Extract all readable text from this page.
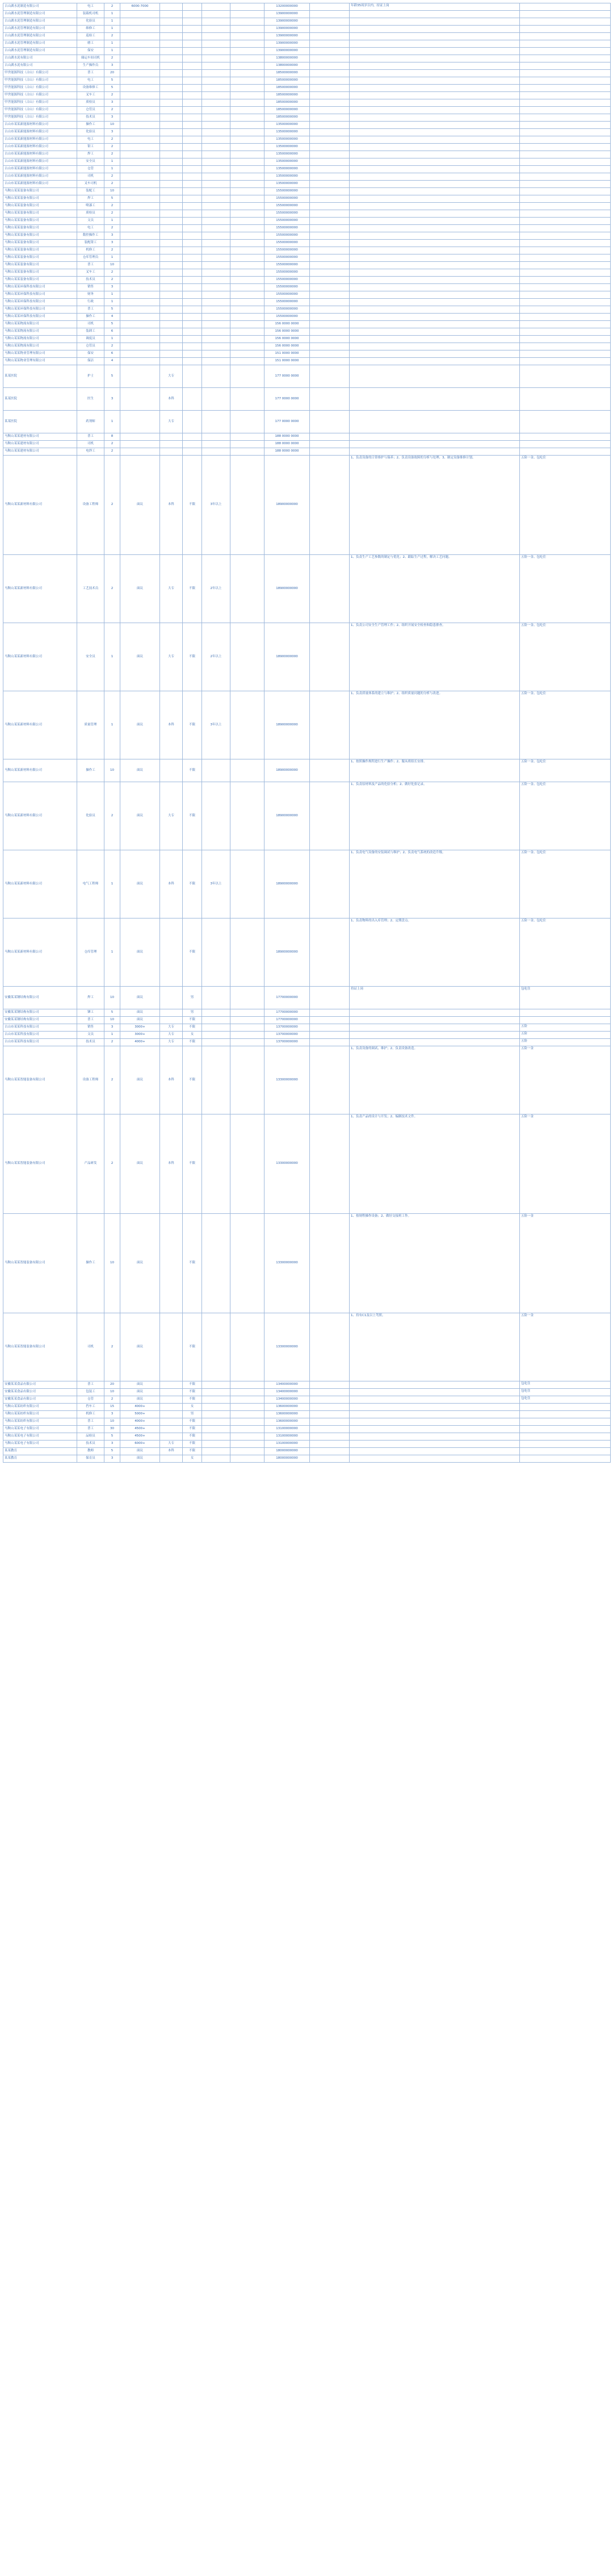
古山湖水泥制造有限公司	电工	2	6000-7000					13200000000		年龄35周岁以内，持证上岗	
古山湖水泥管理制造有限公司	装载机司机	1						13900000000			
古山湖水泥管理制造有限公司	化验员	1						13900000000			
古山湖水泥管理制造有限公司	维修工	1						13900000000			
古山湖水泥管理制造有限公司	巡检工	2						13900000000			
古山湖水泥管理制造有限公司	磨工	1						13900000000			
古山湖水泥管理制造有限公司	保安	1						13900000000			
古山湖水泥有限公司	储运车间司机	2						13800000000			
古山湖水泥有限公司	生产操作员	3						13800000000			
甲世能源科技（古山）有限公司	普工	20						18500000000			
甲世能源科技（古山）有限公司	电工	5						18500000000			
甲世能源科技（古山）有限公司	设备维修工	5						18500000000			
甲世能源科技（古山）有限公司	叉车工	2						18500000000			
甲世能源科技（古山）有限公司	质检员	3						18500000000			
甲世能源科技（古山）有限公司	仓管员	2						18500000000			
甲世能源科技（古山）有限公司	技术员	3						18500000000			
古山市某某新能源材料有限公司	操作工	10						13500000000			
古山市某某新能源材料有限公司	化验员	3						13500000000			
古山市某某新能源材料有限公司	电工	2						13500000000			
古山市某某新能源材料有限公司	钳工	2						13500000000			
古山市某某新能源材料有限公司	焊工	2						13500000000			
古山市某某新能源材料有限公司	安全员	1						13500000000			
古山市某某新能源材料有限公司	仓管	1						13500000000			
古山市某某新能源材料有限公司	司机	2						13500000000			
古山市某某新能源材料有限公司	叉车司机	2						13500000000			
马鞍山某某装备有限公司	装配工	10						15500000000			
马鞍山某某装备有限公司	焊工	5						15500000000			
马鞍山某某装备有限公司	喷漆工	2						15500000000			
马鞍山某某装备有限公司	质检员	2						15500000000			
马鞍山某某装备有限公司	文员	1						15500000000			
马鞍山某某装备有限公司	电工	2						15500000000			
马鞍山某某装备有限公司	数控操作工	3						15500000000			
马鞍山某某装备有限公司	装配钳工	3						15500000000			
马鞍山某某装备有限公司	机修工	2						15500000000			
马鞍山某某装备有限公司	仓库管理员	1						15500000000			
马鞍山某某装备有限公司	普工	10						15500000000			
马鞍山某某装备有限公司	叉车工	2						15500000000			
马鞍山某某装备有限公司	技术员	2						15500000000			
马鞍山某某环保科技有限公司	销售	3						15500000000			
马鞍山某某环保科技有限公司	财务	1						15500000000			
马鞍山某某环保科技有限公司	行政	1						15500000000			
马鞍山某某环保科技有限公司	普工	5						15500000000			
马鞍山某某环保科技有限公司	操作工	4						15500000000			
马鞍山某某物流有限公司	司机	5						156 0000 0000			
马鞍山某某物流有限公司	装卸工	6						156 0000 0000			
马鞍山某某物流有限公司	调度员	1						156 0000 0000			
马鞍山某某物流有限公司	仓管员	2						156 0000 0000			
马鞍山某某物业管理有限公司	保安	6						151 0000 0000			
马鞍山某某物业管理有限公司	保洁	4						151 0000 0000			
某某医院	护士	5		大专				177 0000 0000			
某某医院	医生	3		本科				177 0000 0000			
某某医院	药剂师	1		大专				177 0000 0000			
马鞍山某某建材有限公司	普工	8						188 0000 0000			
马鞍山某某建材有限公司	司机	2						188 0000 0000			
马鞍山某某建材有限公司	电焊工	2						188 0000 0000			
马鞍山某某新材料有限公司	设备工程师	2	面议	本科	不限	3年以上		18900000000		1、负责设备的日常维护与保养；2、负责设备故障的分析与处理；3、制定设备维修计划。	五险一金、包吃住
马鞍山某某新材料有限公司	工艺技术员	2	面议	大专	不限	2年以上		18900000000		1、负责生产工艺参数的制定与优化；2、跟踪生产过程，解决工艺问题。	五险一金、包吃住
马鞍山某某新材料有限公司	安全员	1	面议	大专	不限	2年以上		18900000000		1、负责公司安全生产管理工作；2、组织开展安全检查和隐患排查。	五险一金、包吃住
马鞍山某某新材料有限公司	质量管理	1	面议	本科	不限	3年以上		18900000000		1、负责质量体系的建立与维护；2、组织质量问题的分析与改进。	五险一金、包吃住
马鞍山某某新材料有限公司	操作工	10	面议		不限			18900000000		1、按照操作规程进行生产操作；2、服从班组长安排。	五险一金、包吃住
马鞍山某某新材料有限公司	化验员	2	面议	大专	不限			18900000000		1、负责原材料及产品的化验分析；2、做好化验记录。	五险一金、包吃住
马鞍山某某新材料有限公司	电气工程师	1	面议	本科	不限	3年以上		18900000000		1、负责电气设备的安装调试与维护；2、负责电气系统的改造升级。	五险一金、包吃住
马鞍山某某新材料有限公司	仓库管理	1	面议		不限			18900000000		1、负责物料的出入库管理；2、定期盘点。	五险一金、包吃住
安徽某某钢结构有限公司	焊工	10	面议		男			17700000000		持证上岗	包吃住
安徽某某钢结构有限公司	铆工	5	面议		男			17700000000			
安徽某某钢结构有限公司	普工	10	面议		不限			17700000000			
古山市某某科技有限公司	销售	3	3000+	大专	不限			13700000000			五险
古山市某某科技有限公司	文员	1	3000+	大专	女			13700000000			五险
古山市某某科技有限公司	技术员	2	4000+	大专	不限			13700000000			五险
马鞍山某某智能装备有限公司	设备工程师	2	面议	本科	不限			13300000000		1、负责设备的调试、维护；2、负责设备改造。	五险一金
马鞍山某某智能装备有限公司	产品研发	2	面议	本科	不限			13300000000		1、负责产品的设计与开发；2、编制技术文件。	五险一金
马鞍山某某智能装备有限公司	操作工	10	面议		不限			13300000000		1、按规程操作设备；2、做好交接班工作。	五险一金
马鞍山某某智能装备有限公司	司机	2	面议		不限			13300000000		1、持有C1及以上驾照。	五险一金
安徽某某食品有限公司	普工	20	面议		不限			13400000000			包吃住
安徽某某食品有限公司	包装工	10	面议		不限			13400000000			包吃住
安徽某某食品有限公司	仓管	2	面议		不限			13400000000			包吃住
马鞍山某某纺织有限公司	挡车工	15	4000+		女			13600000000			
马鞍山某某纺织有限公司	机修工	3	5000+		男			13600000000			
马鞍山某某纺织有限公司	普工	10	4000+		不限			13600000000			
马鞍山某某电子有限公司	普工	30	4500+		不限			13100000000			
马鞍山某某电子有限公司	品检员	5	4500+		不限			13100000000			
马鞍山某某电子有限公司	技术员	3	6000+	大专	不限			13100000000			
某某教育	教师	5	面议	本科	不限			18000000000			
某某教育	保育员	3	面议		女			18000000000			
